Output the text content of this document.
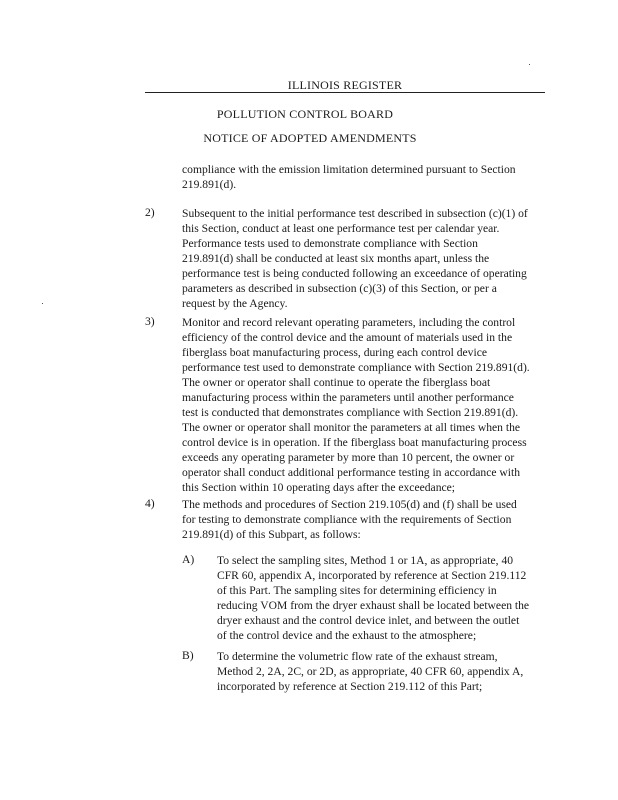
ILLINOIS REGISTER
POLLUTION CONTROL BOARD
NOTICE OF ADOPTED AMENDMENTS
compliance with the emission limitation determined pursuant to Section
219.891(d).
2) Subsequent to the initial performance test described in subsection (c)(1) of
this Section, conduct at least one performance test per calendar year.
Performance tests used to demonstrate compliance with Section
219.891(d) shall be conducted at least six months apart, unless the
performance test is being conducted following an exceedance of operating
parameters as described in subsection (c)(3) of this Section, or per a
request by the Agency.
3) Monitor and record relevant operating parameters, including the control
efficiency of the control device and the amount of materials used in the
fiberglass boat manufacturing process, during each control device
performance test used to demonstrate compliance with Section 219.891(d).
The owner or operator shall continue to operate the fiberglass boat
manufacturing process within the parameters until another performance
test is conducted that demonstrates compliance with Section 219.891(d).
The owner or operator shall monitor the parameters at all times when the
control device is in operation. If the fiberglass boat manufacturing process
exceeds any operating parameter by more than 10 percent, the owner or
operator shall conduct additional performance testing in accordance with
this Section within 10 operating days after the exceedance;
4) The methods and procedures of Section 219.105(d) and (f) shall be used
for testing to demonstrate compliance with the requirements of Section
219.891(d) of this Subpart, as follows:
A) To select the sampling sites, Method 1 or 1A, as appropriate, 40
CFR 60, appendix A, incorporated by reference at Section 219.112
of this Part. The sampling sites for determining efficiency in
reducing VOM from the dryer exhaust shall be located between the
dryer exhaust and the control device inlet, and between the outlet
of the control device and the exhaust to the atmosphere;
B) To determine the volumetric flow rate of the exhaust stream,
Method 2, 2A, 2C, or 2D, as appropriate, 40 CFR 60, appendix A,
incorporated by reference at Section 219.112 of this Part;
